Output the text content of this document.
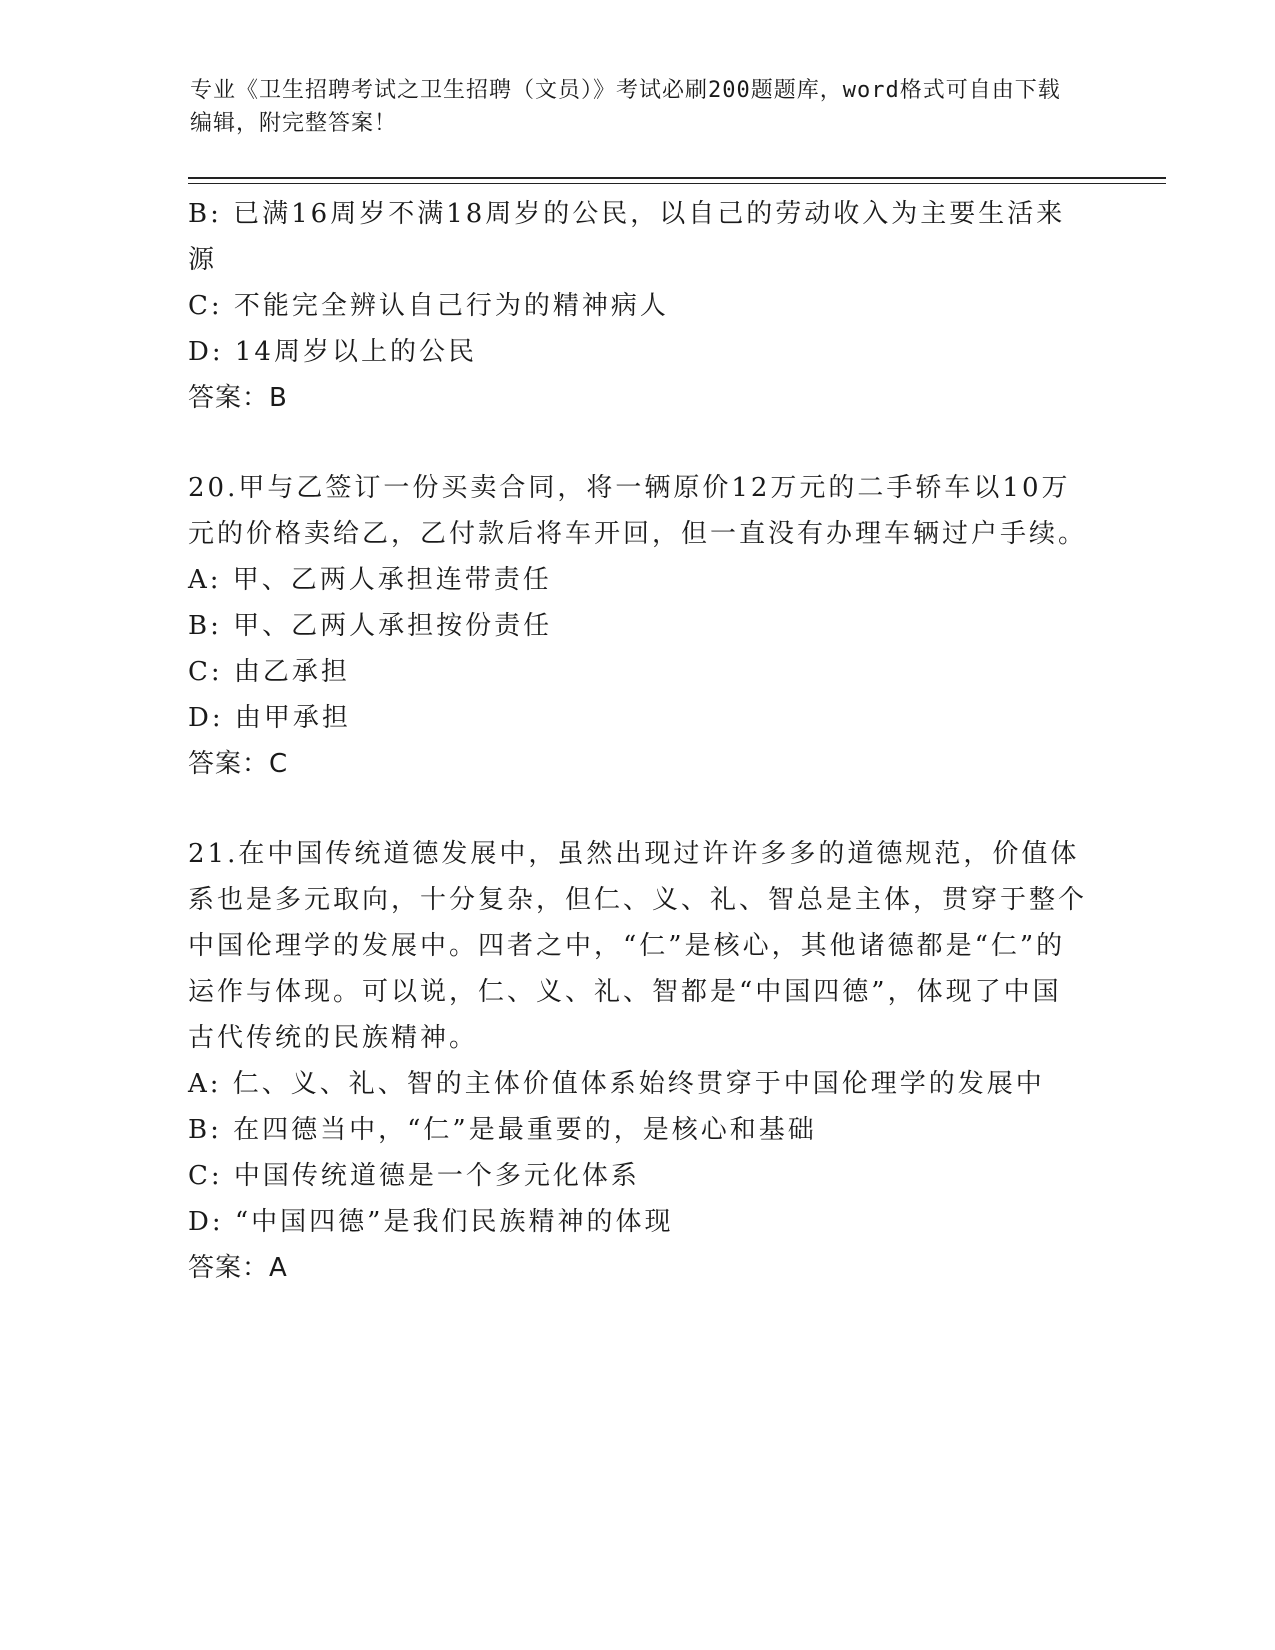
专业《卫生招聘考试之卫生招聘（文员）》考试必刷200题题库，word格式可自由下载编辑，附完整答案！
B: 已满16周岁不满18周岁的公民，以自己的劳动收入为主要生活来源
C: 不能完全辨认自己行为的精神病人
D: 14周岁以上的公民
答案：B
20.甲与乙签订一份买卖合同，将一辆原价12万元的二手轿车以10万元的价格卖给乙，乙付款后将车开回，但一直没有办理车辆过户手续。
A: 甲、乙两人承担连带责任
B: 甲、乙两人承担按份责任
C: 由乙承担
D: 由甲承担
答案：C
21.在中国传统道德发展中，虽然出现过许许多多的道德规范，价值体系也是多元取向，十分复杂，但仁、义、礼、智总是主体，贯穿于整个中国伦理学的发展中。四者之中，“仁”是核心，其他诸德都是“仁”的运作与体现。可以说，仁、义、礼、智都是“中国四德”，体现了中国古代传统的民族精神。
A: 仁、义、礼、智的主体价值体系始终贯穿于中国伦理学的发展中
B: 在四德当中，“仁”是最重要的，是核心和基础
C: 中国传统道德是一个多元化体系
D: “中国四德”是我们民族精神的体现
答案：A
